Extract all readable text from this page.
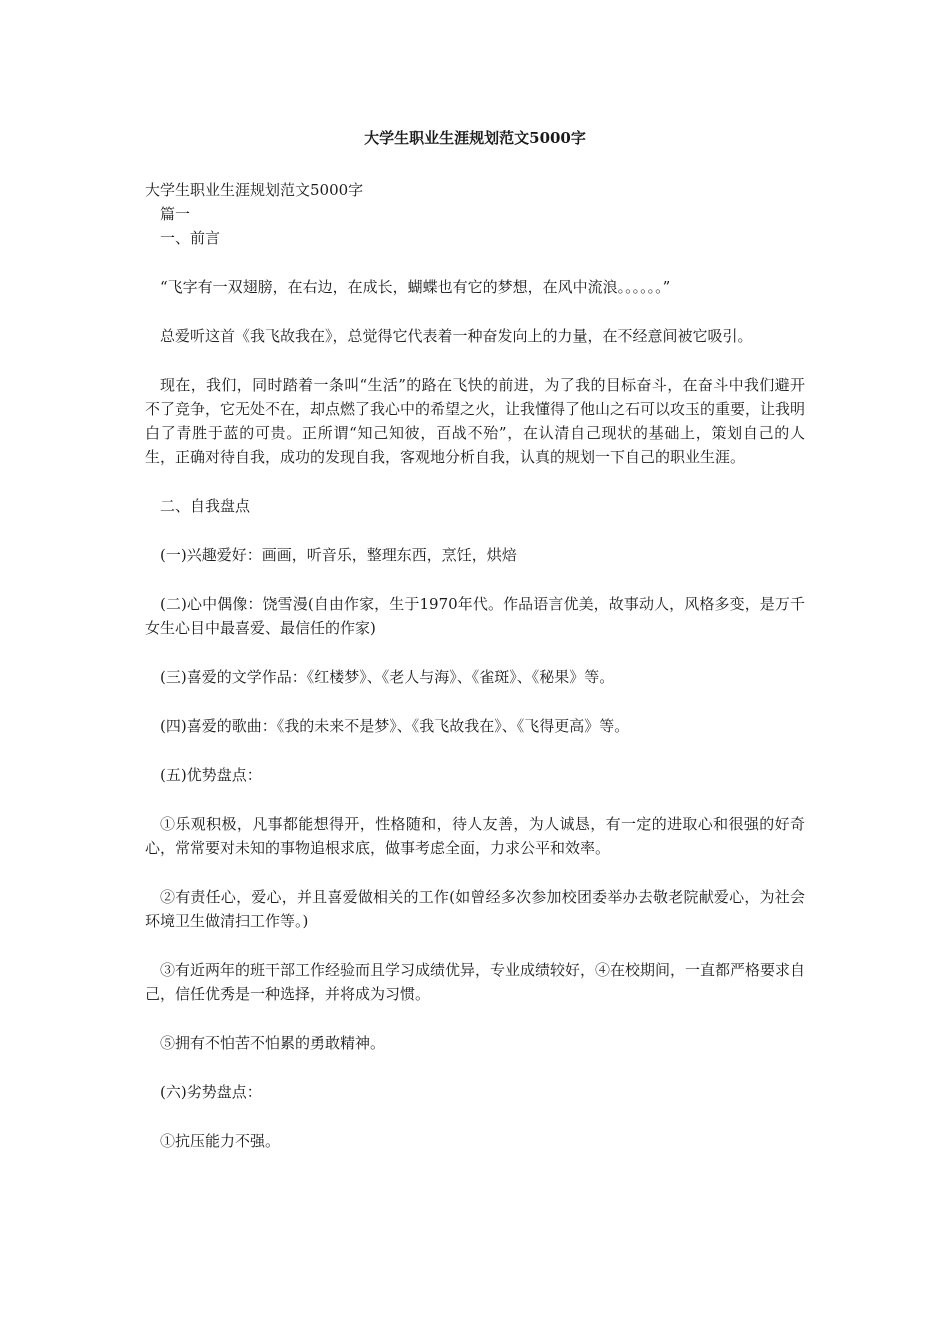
大学生职业生涯规划范文5000字

大学生职业生涯规划范文5000字

篇一

一、前言

“飞字有一双翅膀，在右边，在成长，蝴蝶也有它的梦想，在风中流浪。。。。。。”

总爱听这首《我飞故我在》，总觉得它代表着一种奋发向上的力量，在不经意间被它吸引。

现在，我们，同时踏着一条叫“生活”的路在飞快的前进，为了我的目标奋斗，在奋斗中我们避开不了竞争，它无处不在，却点燃了我心中的希望之火，让我懂得了他山之石可以攻玉的重要，让我明白了青胜于蓝的可贵。正所谓“知己知彼，百战不殆”，在认清自己现状的基础上，策划自己的人生，正确对待自我，成功的发现自我，客观地分析自我，认真的规划一下自己的职业生涯。

二、自我盘点

(一)兴趣爱好：画画，听音乐，整理东西，烹饪，烘焙

(二)心中偶像：饶雪漫(自由作家，生于1970年代。作品语言优美，故事动人，风格多变，是万千女生心目中最喜爱、最信任的作家)

(三)喜爱的文学作品：《红楼梦》、《老人与海》、《雀斑》、《秘果》等。

(四)喜爱的歌曲：《我的未来不是梦》、《我飞故我在》、《飞得更高》等。

(五)优势盘点：

①乐观积极，凡事都能想得开，性格随和，待人友善，为人诚恳，有一定的进取心和很强的好奇心，常常要对未知的事物追根求底，做事考虑全面，力求公平和效率。

②有责任心，爱心，并且喜爱做相关的工作(如曾经多次参加校团委举办去敬老院献爱心，为社会环境卫生做清扫工作等。)

③有近两年的班干部工作经验而且学习成绩优异，专业成绩较好，④在校期间，一直都严格要求自己，信任优秀是一种选择，并将成为习惯。

⑤拥有不怕苦不怕累的勇敢精神。

(六)劣势盘点：

①抗压能力不强。
